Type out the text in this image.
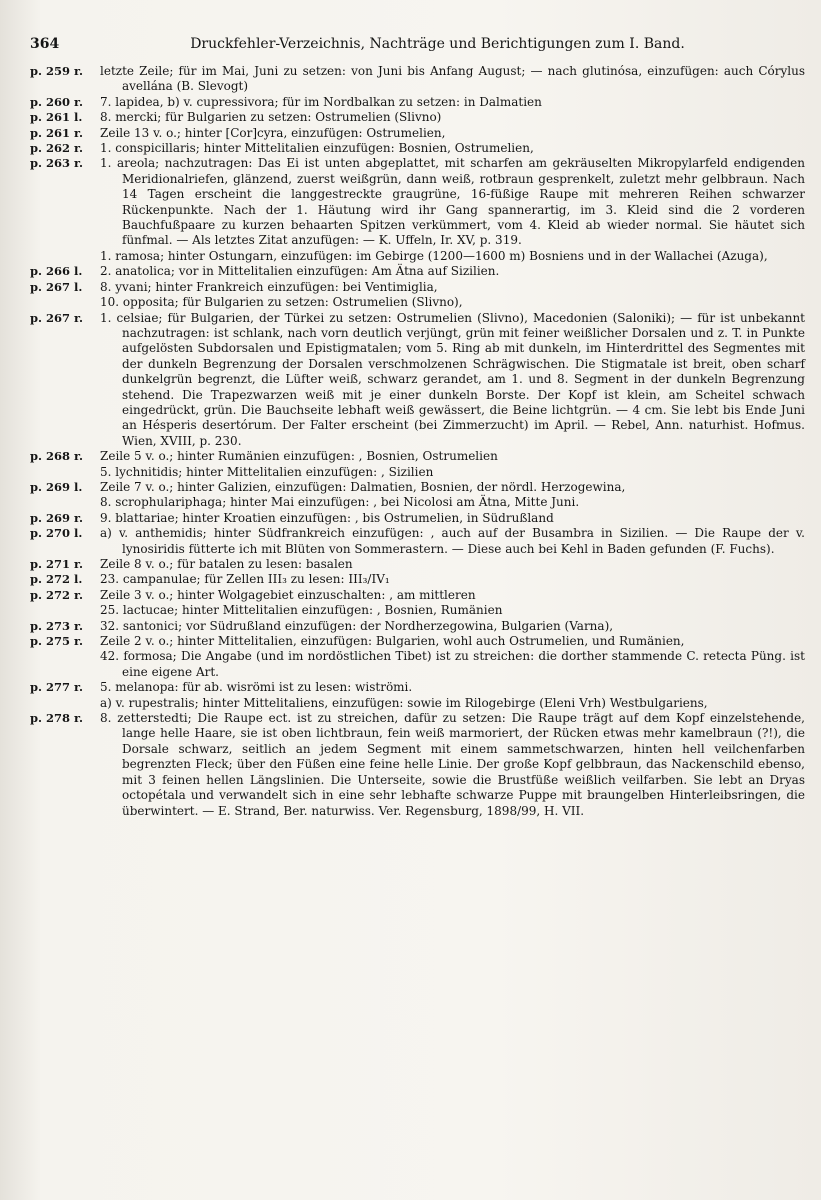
364	Druckfehler-Verzeichnis, Nachträge und Berichtigungen zum I. Band.
p. 259 r.	letzte Zeile; für im Mai, Juni zu setzen: von Juni bis Anfang August; — nach glutinósa, einzufügen: auch Córylus avellána (B. Slevogt)
p. 260 r.	7. lapidea, b) v. cupressivora; für im Nordbalkan zu setzen: in Dalmatien
p. 261 l.	8. mercki; für Bulgarien zu setzen: Ostrumelien (Slivno)
p. 261 r.	Zeile 13 v. o.; hinter [Cor]cyra, einzufügen: Ostrumelien,
p. 262 r.	1. conspicillaris; hinter Mittelitalien einzufügen: Bosnien, Ostrumelien,
p. 263 r.	1. areola; nachzutragen: Das Ei ist unten abgeplattet, mit scharfen am gekräuselten Mikropylarfeld endigenden Meridionalriefen, glänzend, zuerst weißgrün, dann weiß, rotbraun gesprenkelt, zuletzt mehr gelbbraun. Nach 14 Tagen erscheint die langgestreckte graugrüne, 16-füßige Raupe mit mehreren Reihen schwarzer Rückenpunkte. Nach der 1. Häutung wird ihr Gang spannerartig, im 3. Kleid sind die 2 vorderen Bauchfußpaare zu kurzen behaarten Spitzen verkümmert, vom 4. Kleid ab wieder normal. Sie häutet sich fünfmal. — Als letztes Zitat anzufügen: — K. Uffeln, Ir. XV, p. 319.
1. ramosa; hinter Ostungarn, einzufügen: im Gebirge (1200—1600 m) Bosniens und in der Wallachei (Azuga),
p. 266 l.	2. anatolica; vor in Mittelitalien einzufügen: Am Ätna auf Sizilien.
p. 267 l.	8. yvani; hinter Frankreich einzufügen: bei Ventimiglia,
10. opposita; für Bulgarien zu setzen: Ostrumelien (Slivno),
p. 267 r.	1. celsiae; für Bulgarien, der Türkei zu setzen: Ostrumelien (Slivno), Macedonien (Saloniki); — für ist unbekannt nachzutragen: ist schlank, nach vorn deutlich verjüngt, grün mit feiner weißlicher Dorsalen und z. T. in Punkte aufgelösten Subdorsalen und Epistigmatalen; vom 5. Ring ab mit dunkeln, im Hinterdrittel des Segmentes mit der dunkeln Begrenzung der Dorsalen verschmolzenen Schrägwischen. Die Stigmatale ist breit, oben scharf dunkelgrün begrenzt, die Lüfter weiß, schwarz gerandet, am 1. und 8. Segment in der dunkeln Begrenzung stehend. Die Trapezwarzen weiß mit je einer dunkeln Borste. Der Kopf ist klein, am Scheitel schwach eingedrückt, grün. Die Bauchseite lebhaft weiß gewässert, die Beine lichtgrün. — 4 cm. Sie lebt bis Ende Juni an Hésperis desertórum. Der Falter erscheint (bei Zimmerzucht) im April. — Rebel, Ann. naturhist. Hofmus. Wien, XVIII, p. 230.
p. 268 r.	Zeile 5 v. o.; hinter Rumänien einzufügen: , Bosnien, Ostrumelien
5. lychnitidis; hinter Mittelitalien einzufügen: , Sizilien
p. 269 l.	Zeile 7 v. o.; hinter Galizien, einzufügen: Dalmatien, Bosnien, der nördl. Herzogewina,
8. scrophulariphaga; hinter Mai einzufügen: , bei Nicolosi am Ätna, Mitte Juni.
p. 269 r.	9. blattariae; hinter Kroatien einzufügen: , bis Ostrumelien, in Südrußland
p. 270 l.	a) v. anthemidis; hinter Südfrankreich einzufügen: , auch auf der Busambra in Sizilien. — Die Raupe der v. lynosiridis fütterte ich mit Blüten von Sommerastern. — Diese auch bei Kehl in Baden gefunden (F. Fuchs).
p. 271 r.	Zeile 8 v. o.; für batalen zu lesen: basalen
p. 272 l.	23. campanulae; für Zellen III₃ zu lesen: III₃/IV₁
p. 272 r.	Zeile 3 v. o.; hinter Wolgagebiet einzuschalten: , am mittleren
25. lactucae; hinter Mittelitalien einzufügen: , Bosnien, Rumänien
p. 273 r.	32. santonici; vor Südrußland einzufügen: der Nordherzegowina, Bulgarien (Varna),
p. 275 r.	Zeile 2 v. o.; hinter Mittelitalien, einzufügen: Bulgarien, wohl auch Ostrumelien, und Rumänien,
42. formosa; Die Angabe (und im nordöstlichen Tibet) ist zu streichen: die dorther stammende C. retecta Püng. ist eine eigene Art.
p. 277 r.	5. melanopa: für ab. wisrömi ist zu lesen: wiströmi.
a) v. rupestralis; hinter Mittelitaliens, einzufügen: sowie im Rilogebirge (Eleni Vrh) Westbulgariens,
p. 278 r.	8. zetterstedti; Die Raupe ect. ist zu streichen, dafür zu setzen: Die Raupe trägt auf dem Kopf einzelstehende, lange helle Haare, sie ist oben lichtbraun, fein weiß marmoriert, der Rücken etwas mehr kamelbraun (?!), die Dorsale schwarz, seitlich an jedem Segment mit einem sammetschwarzen, hinten hell veilchenfarben begrenzten Fleck; über den Füßen eine feine helle Linie. Der große Kopf gelbbraun, das Nackenschild ebenso, mit 3 feinen hellen Längslinien. Die Unterseite, sowie die Brustfüße weißlich veilfarben. Sie lebt an Dryas octopétala und verwandelt sich in eine sehr lebhafte schwarze Puppe mit braungelben Hinterleibsringen, die überwintert. — E. Strand, Ber. naturwiss. Ver. Regensburg, 1898/99, H. VII.
